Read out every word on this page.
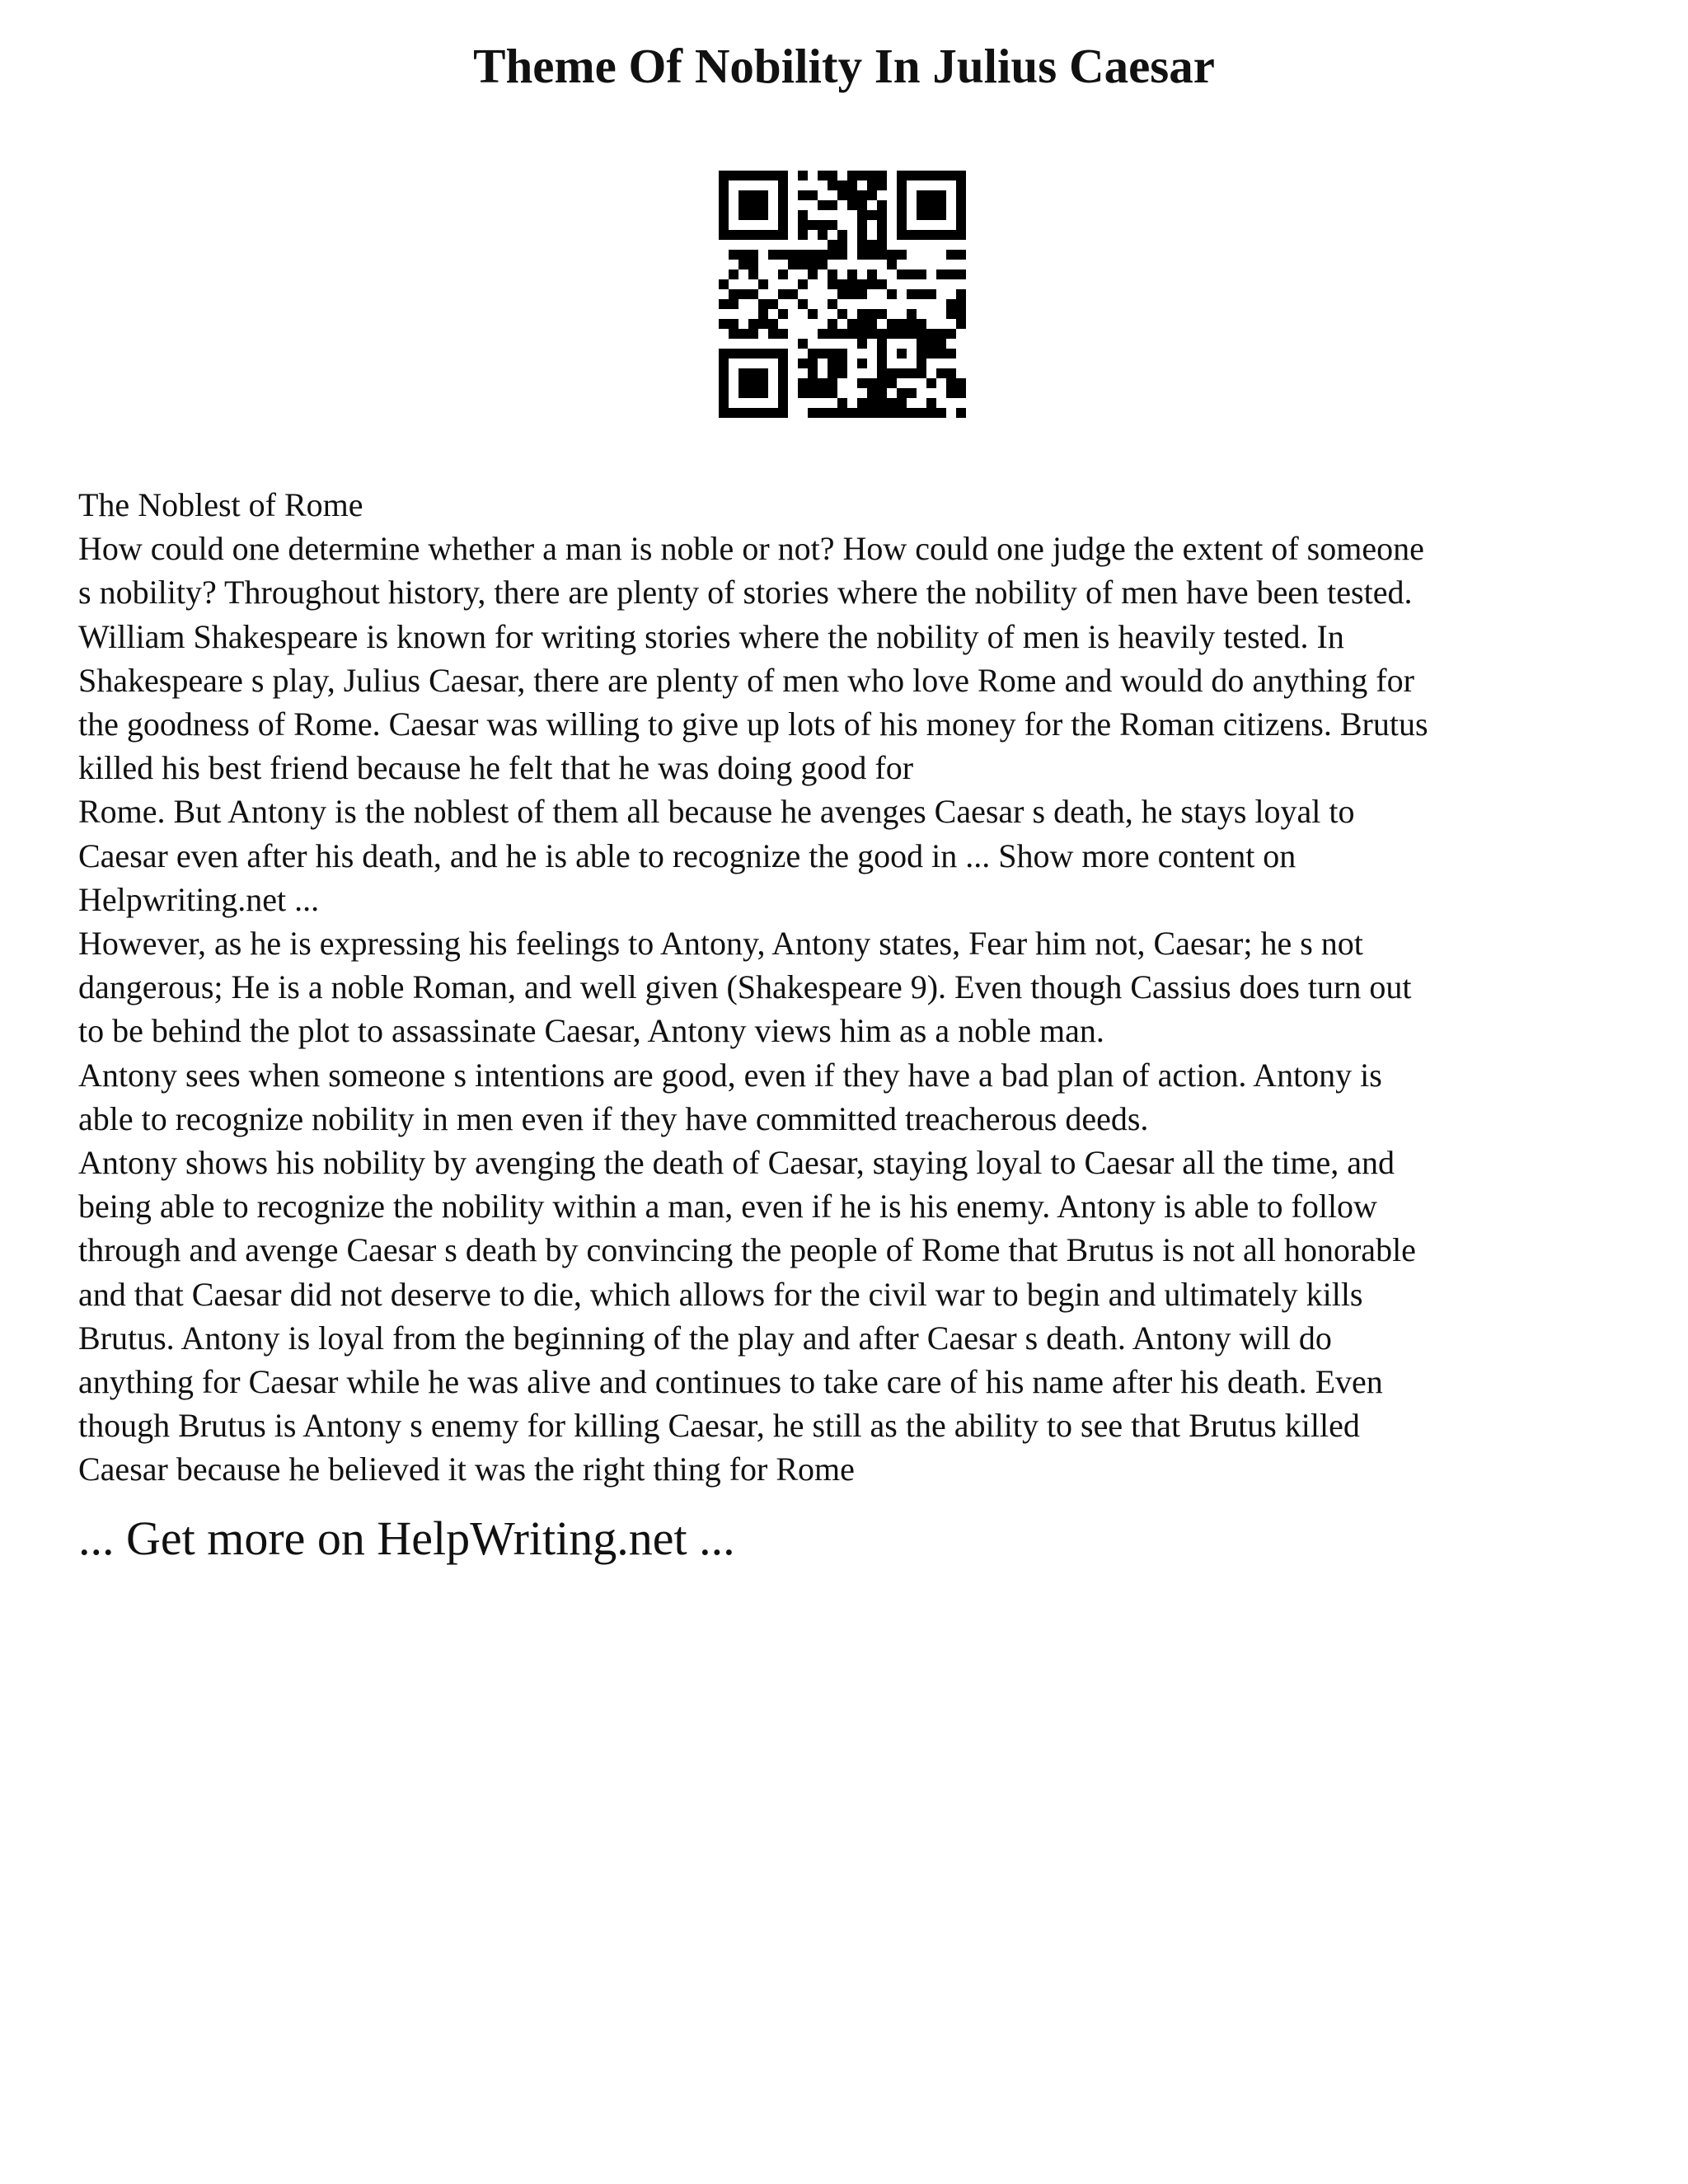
Theme Of Nobility In Julius Caesar
The Noblest of Rome
How could one determine whether a man is noble or not? How could one judge the extent of someone
s nobility? Throughout history, there are plenty of stories where the nobility of men have been tested.
William Shakespeare is known for writing stories where the nobility of men is heavily tested. In
Shakespeare s play, Julius Caesar, there are plenty of men who love Rome and would do anything for
the goodness of Rome. Caesar was willing to give up lots of his money for the Roman citizens. Brutus
killed his best friend because he felt that he was doing good for
Rome. But Antony is the noblest of them all because he avenges Caesar s death, he stays loyal to
Caesar even after his death, and he is able to recognize the good in ... Show more content on
Helpwriting.net ...
However, as he is expressing his feelings to Antony, Antony states, Fear him not, Caesar; he s not
dangerous; He is a noble Roman, and well given (Shakespeare 9). Even though Cassius does turn out
to be behind the plot to assassinate Caesar, Antony views him as a noble man.
Antony sees when someone s intentions are good, even if they have a bad plan of action. Antony is
able to recognize nobility in men even if they have committed treacherous deeds.
Antony shows his nobility by avenging the death of Caesar, staying loyal to Caesar all the time, and
being able to recognize the nobility within a man, even if he is his enemy. Antony is able to follow
through and avenge Caesar s death by convincing the people of Rome that Brutus is not all honorable
and that Caesar did not deserve to die, which allows for the civil war to begin and ultimately kills
Brutus. Antony is loyal from the beginning of the play and after Caesar s death. Antony will do
anything for Caesar while he was alive and continues to take care of his name after his death. Even
though Brutus is Antony s enemy for killing Caesar, he still as the ability to see that Brutus killed
Caesar because he believed it was the right thing for Rome
... Get more on HelpWriting.net ...
